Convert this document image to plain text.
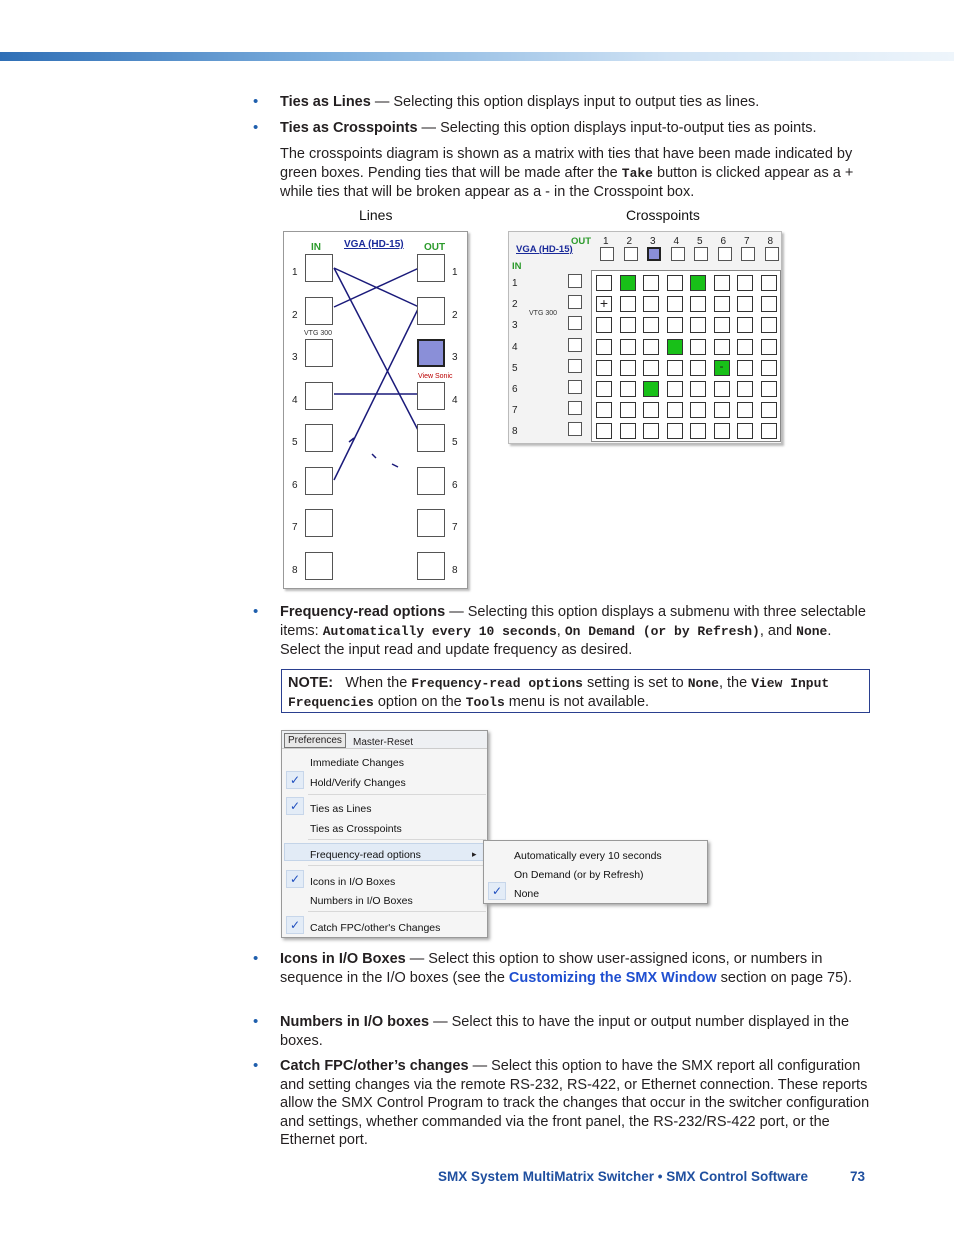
• Ties as Lines — Selecting this option displays input to output ties as lines.
• Ties as Crosspoints — Selecting this option displays input-to-output ties as points.
The crosspoints diagram is shown as a matrix with ties that have been made indicated by green boxes. Pending ties that will be made after the Take button is clicked appear as a + while ties that will be broken appear as a - in the Crosspoint box.
Lines	Crosspoints
IN VGA (HD-15) OUT
1	1
2	2
3	3
4	4
5	5
6	6
7	7
8	8
VTG 300
View Sonic
OUT
VGA (HD-15)
IN
VTG 300
1 2 3 4 5 6 7 8
1
2
3
4
5
6
7
8
+
-
• Frequency-read options — Selecting this option displays a submenu with three selectable items: Automatically every 10 seconds, On Demand (or by Refresh), and None. Select the input read and update frequency as desired.
NOTE: When the Frequency-read options setting is set to None, the View Input Frequencies option on the Tools menu is not available.
Preferences	Master-Reset
Immediate Changes
✓ Hold/Verify Changes
✓ Ties as Lines
Ties as Crosspoints
Frequency-read options	▸
✓ Icons in I/O Boxes
Numbers in I/O Boxes
✓ Catch FPC/other's Changes
Automatically every 10 seconds
On Demand (or by Refresh)
✓	None
• Icons in I/O Boxes — Select this option to show user-assigned icons, or numbers in sequence in the I/O boxes (see the Customizing the SMX Window section on page 75).
• Numbers in I/O boxes — Select this to have the input or output number displayed in the boxes.
• Catch FPC/other’s changes — Select this option to have the SMX report all configuration and setting changes via the remote RS-232, RS-422, or Ethernet connection. These reports allow the SMX Control Program to track the changes that occur in the switcher configuration and settings, whether commanded via the front panel, the RS-232/RS-422 port, or the Ethernet port.
SMX System MultiMatrix Switcher • SMX Control Software	73
